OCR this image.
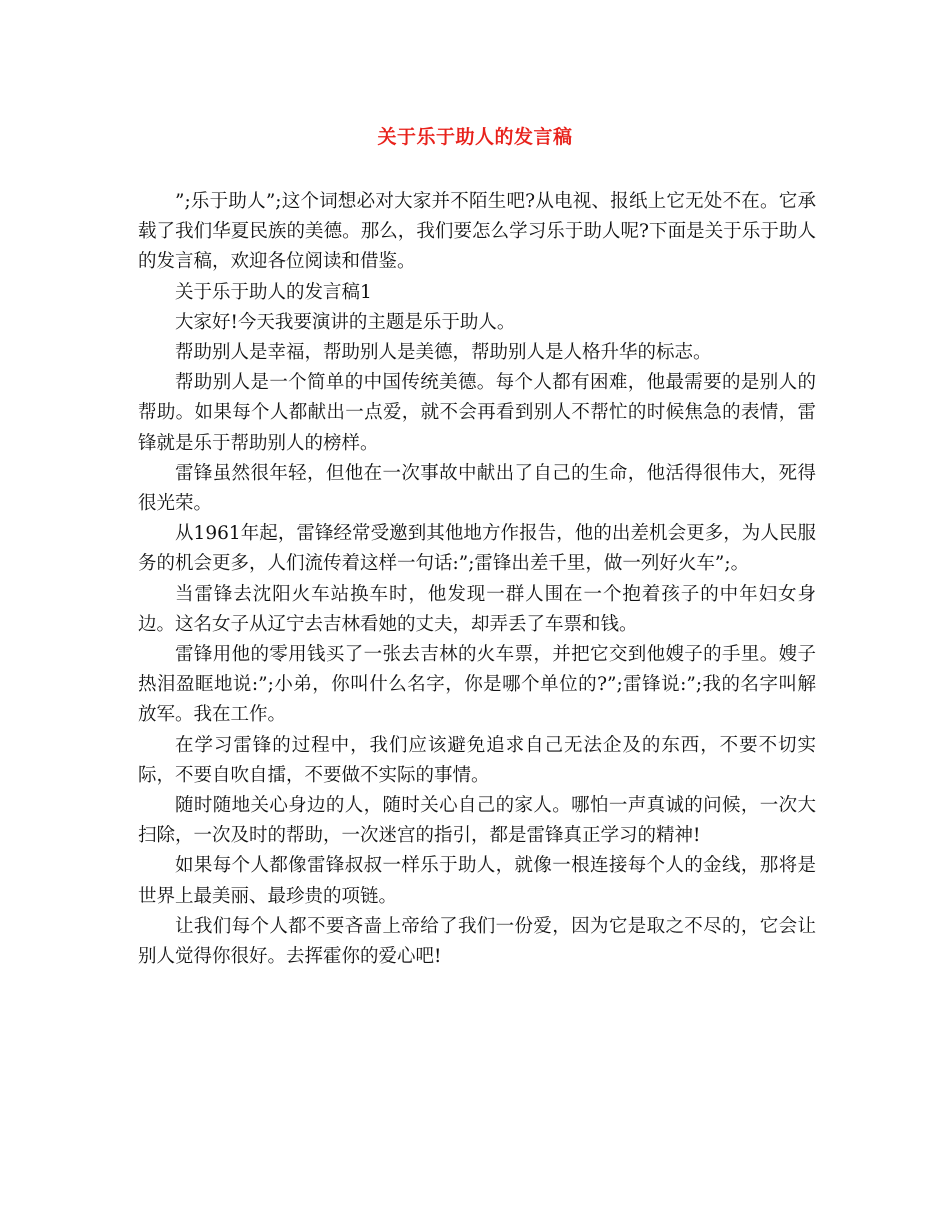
关于乐于助人的发言稿

”;乐于助人”;这个词想必对大家并不陌生吧?从电视、报纸上它无处不在。它承载了我们华夏民族的美德。那么，我们要怎么学习乐于助人呢?下面是关于乐于助人的发言稿，欢迎各位阅读和借鉴。

关于乐于助人的发言稿1

大家好!今天我要演讲的主题是乐于助人。

帮助别人是幸福，帮助别人是美德，帮助别人是人格升华的标志。

帮助别人是一个简单的中国传统美德。每个人都有困难，他最需要的是别人的帮助。如果每个人都献出一点爱，就不会再看到别人不帮忙的时候焦急的表情，雷锋就是乐于帮助别人的榜样。

雷锋虽然很年轻，但他在一次事故中献出了自己的生命，他活得很伟大，死得很光荣。

从1961年起，雷锋经常受邀到其他地方作报告，他的出差机会更多，为人民服务的机会更多，人们流传着这样一句话:”;雷锋出差千里，做一列好火车”;。

当雷锋去沈阳火车站换车时，他发现一群人围在一个抱着孩子的中年妇女身边。这名女子从辽宁去吉林看她的丈夫，却弄丢了车票和钱。

雷锋用他的零用钱买了一张去吉林的火车票，并把它交到他嫂子的手里。嫂子热泪盈眶地说:”;小弟，你叫什么名字，你是哪个单位的?”;雷锋说:”;我的名字叫解放军。我在工作。

在学习雷锋的过程中，我们应该避免追求自己无法企及的东西，不要不切实际，不要自吹自擂，不要做不实际的事情。

随时随地关心身边的人，随时关心自己的家人。哪怕一声真诚的问候，一次大扫除，一次及时的帮助，一次迷宫的指引，都是雷锋真正学习的精神!

如果每个人都像雷锋叔叔一样乐于助人，就像一根连接每个人的金线，那将是世界上最美丽、最珍贵的项链。

让我们每个人都不要吝啬上帝给了我们一份爱，因为它是取之不尽的，它会让别人觉得你很好。去挥霍你的爱心吧!
